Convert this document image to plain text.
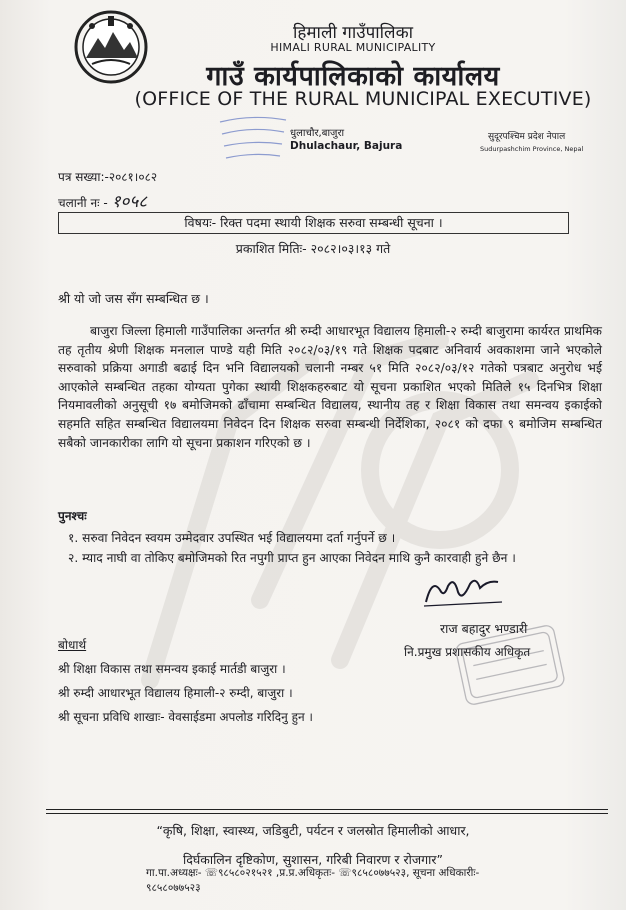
हिमाली गाउँपालिका
HIMALI RURAL MUNICIPALITY
गाउँ कार्यपालिकाको कार्यालय
(OFFICE OF THE RURAL MUNICIPAL EXECUTIVE)
धुलाचौर,बाजुरा
Dhulachaur, Bajura
सुदूरपश्चिम प्रदेश नेपाल
Sudurpashchim Province, Nepal
पत्र सख्या:-२०८१।०८२
चलानी नः - १०५८
विषयः- रिक्त पदमा स्थायी शिक्षक सरुवा सम्बन्धी सूचना ।
प्रकाशित मितिः- २०८२।०३।१३ गते
श्री यो जो जस सँग सम्बन्धित छ ।

बाजुरा जिल्ला हिमाली गाउँपालिका अन्तर्गत श्री रुम्दी आधारभूत विद्यालय हिमाली-२ रुम्दी बाजुरामा कार्यरत प्राथमिक तह तृतीय श्रेणी शिक्षक मनलाल पाण्डे यही मिति २०८२/०३/१९ गते शिक्षक पदबाट अनिवार्य अवकाशमा जाने भएकोले सरुवाको प्रक्रिया अगाडी बढाई दिन भनि विद्यालयको चलानी नम्बर ५१ मिति २०८२/०३/१२ गतेको पत्रबाट अनुरोध भई आएकोले सम्बन्धित तहका योग्यता पुगेका स्थायी शिक्षकहरुबाट यो सूचना प्रकाशित भएको मितिले १५ दिनभित्र शिक्षा नियमावलीको अनुसूची १७ बमोजिमको ढाँचामा सम्बन्धित विद्यालय, स्थानीय तह र शिक्षा विकास तथा समन्वय इकाईको सहमति सहित सम्बन्धित विद्यालयमा निवेदन दिन शिक्षक सरुवा सम्बन्धी निर्देशिका, २०८१ को दफा ९ बमोजिम सम्बन्धित सबैको जानकारीका लागि यो सूचना प्रकाशन गरिएको छ ।

पुनश्चः
१. सरुवा निवेदन स्वयम उम्मेदवार उपस्थित भई विद्यालयमा दर्ता गर्नुपर्ने छ ।
२. म्याद नाघी वा तोकिए बमोजिमको रित नपुगी प्राप्त हुन आएका निवेदन माथि कुनै कारवाही हुने छैन ।
राज बहादुर भण्डारी
नि.प्रमुख प्रशासकीय अधिकृत
बोधार्थ
श्री शिक्षा विकास तथा समन्वय इकाई मार्तडी बाजुरा ।
श्री रुम्दी आधारभूत विद्यालय हिमाली-२ रुम्दी, बाजुरा ।
श्री सूचना प्रविधि शाखाः- वेवसाईडमा अपलोड गरिदिनु हुन ।
“कृषि, शिक्षा, स्वास्थ्य, जडिबुटी, पर्यटन र जलस्रोत हिमालीको आधार,
दिर्घकालिन दृष्टिकोण, सुशासन, गरिबी निवारण र रोजगार”
गा.पा.अध्यक्षः- ☏९८५८०२१५२१ ,प्र.प्र.अधिकृतः- ☏९८५८०७७५२३, सूचना अधिकारीः-
९८५८०७७५२३
